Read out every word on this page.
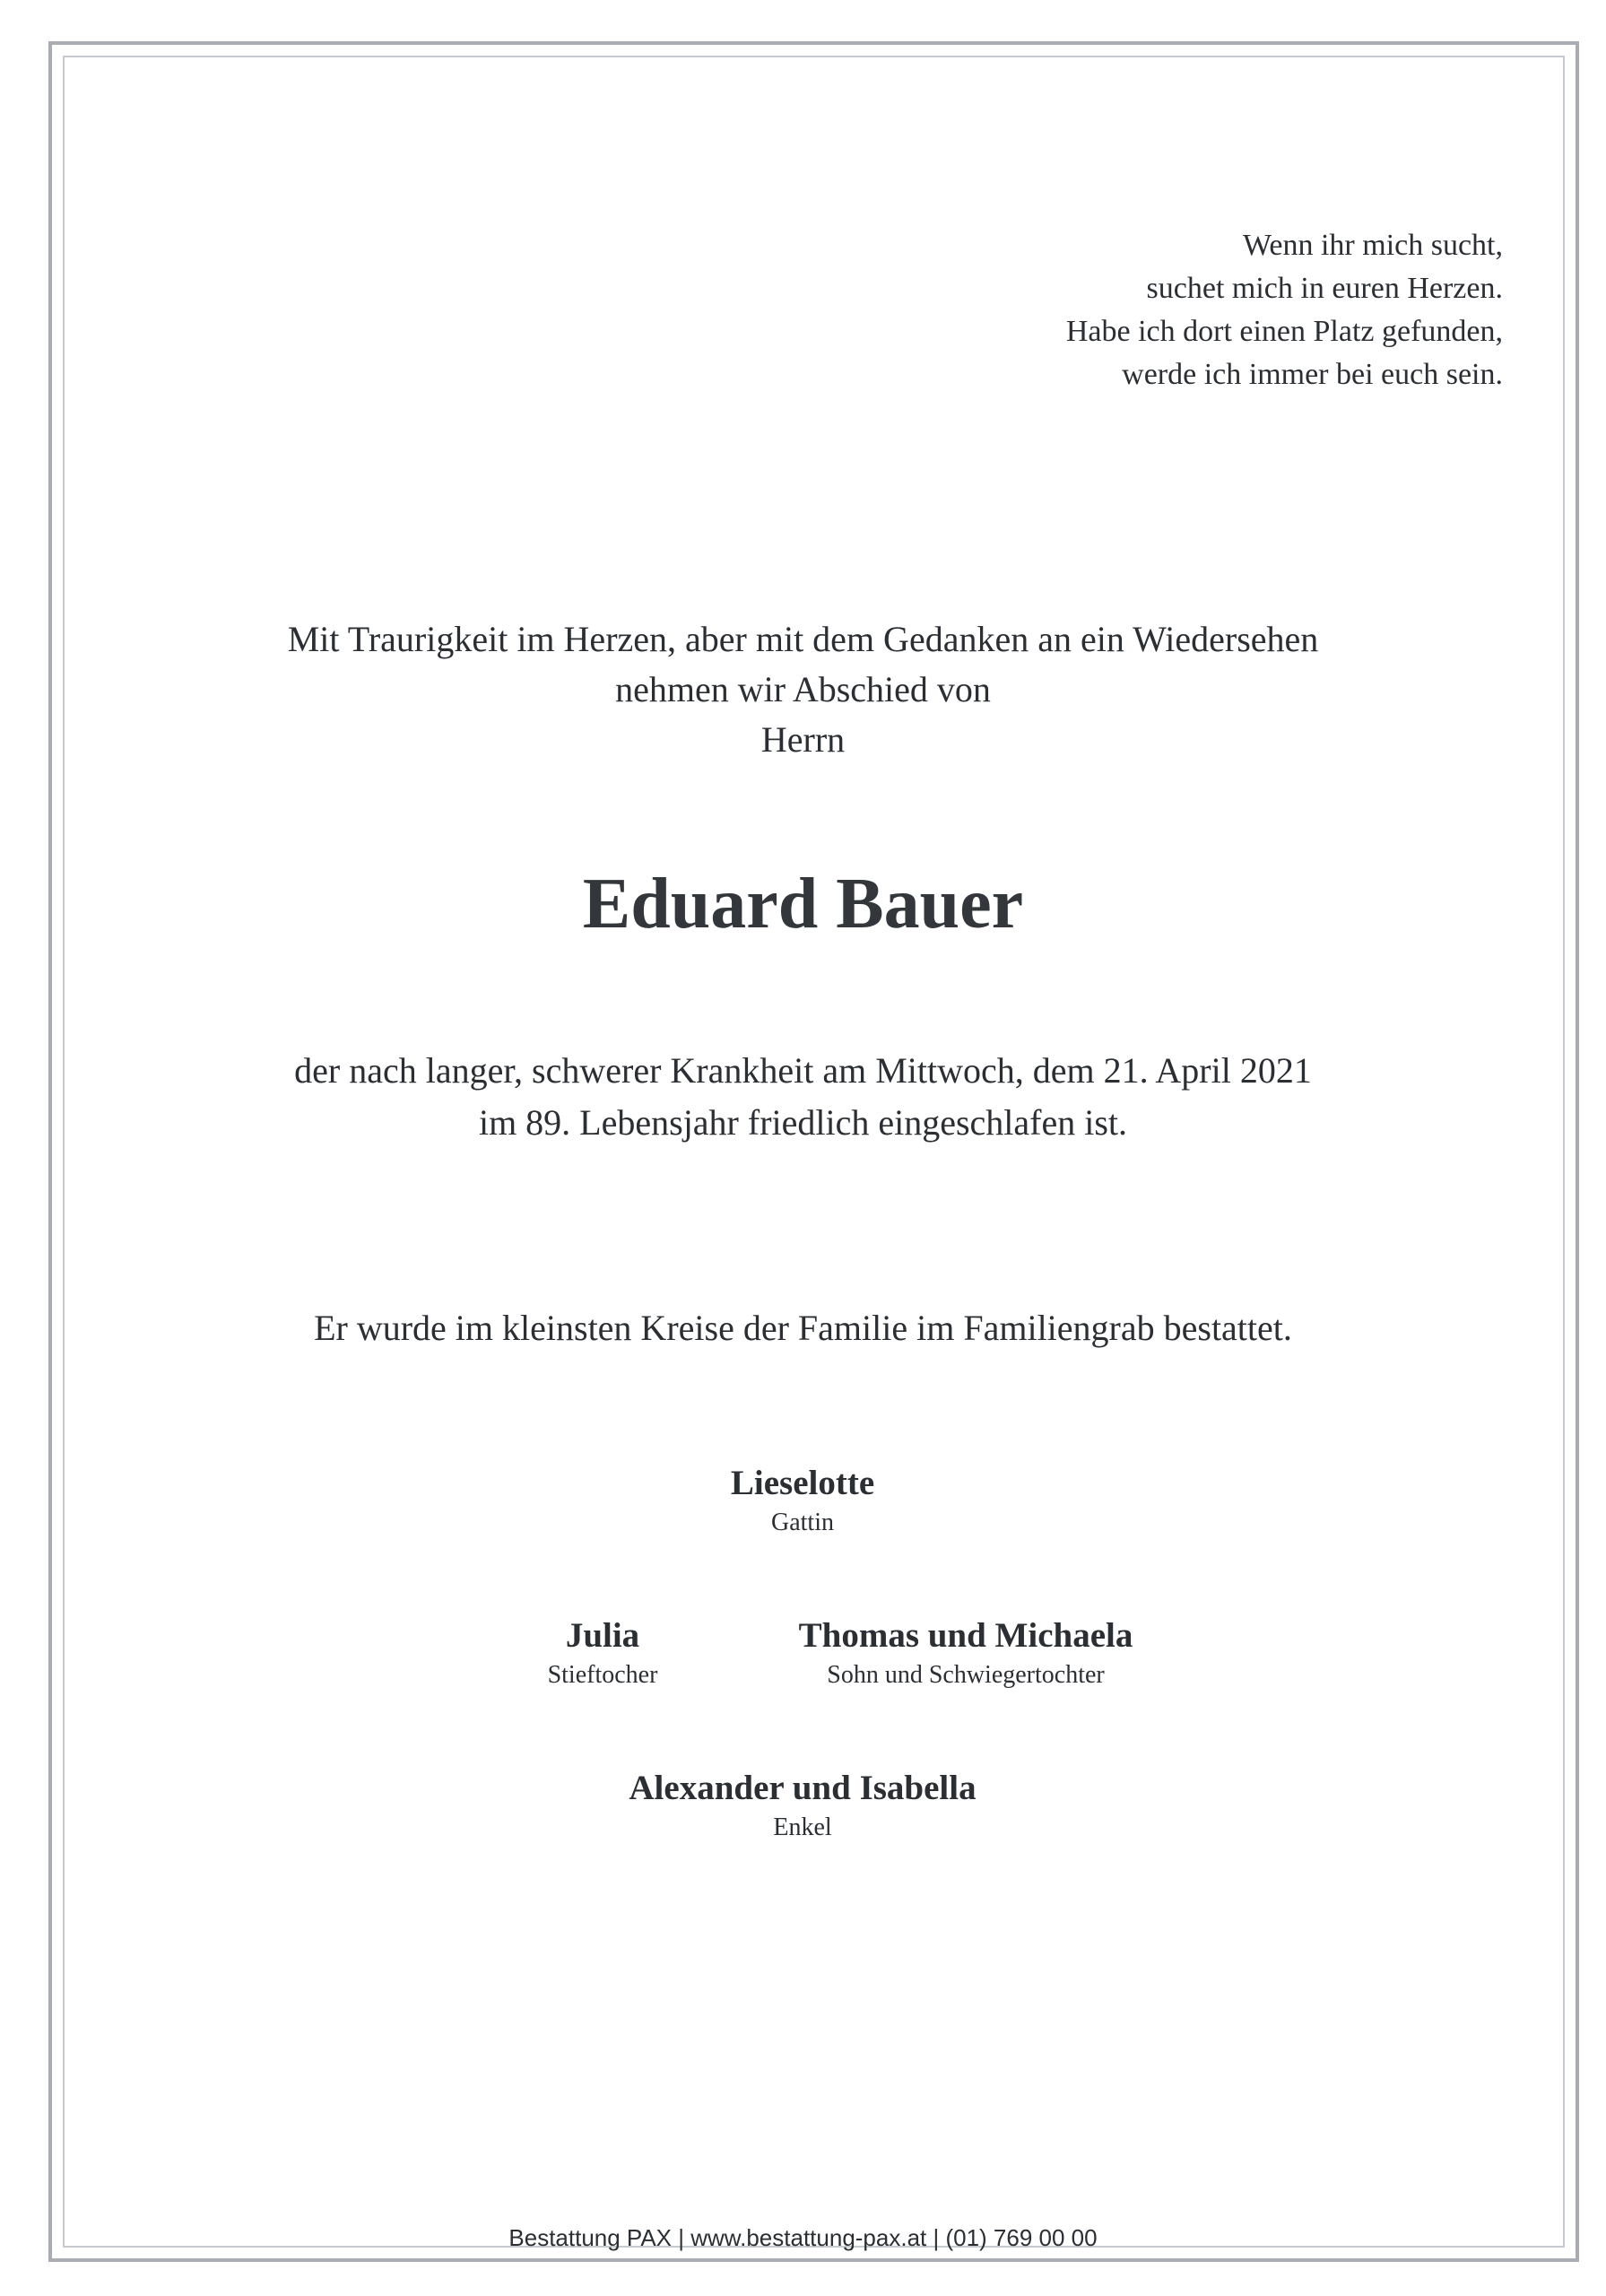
Wenn ihr mich sucht,
suchet mich in euren Herzen.
Habe ich dort einen Platz gefunden,
werde ich immer bei euch sein.
Mit Traurigkeit im Herzen, aber mit dem Gedanken an ein Wiedersehen
nehmen wir Abschied von
Herrn
Eduard Bauer
der nach langer, schwerer Krankheit am Mittwoch, dem 21. April 2021
im 89. Lebensjahr friedlich eingeschlafen ist.
Er wurde im kleinsten Kreise der Familie im Familiengrab bestattet.
Lieselotte
Gattin
Julia
Stieftocher
Thomas und Michaela
Sohn und Schwiegertochter
Alexander und Isabella
Enkel
Bestattung PAX | www.bestattung-pax.at | (01) 769 00 00
